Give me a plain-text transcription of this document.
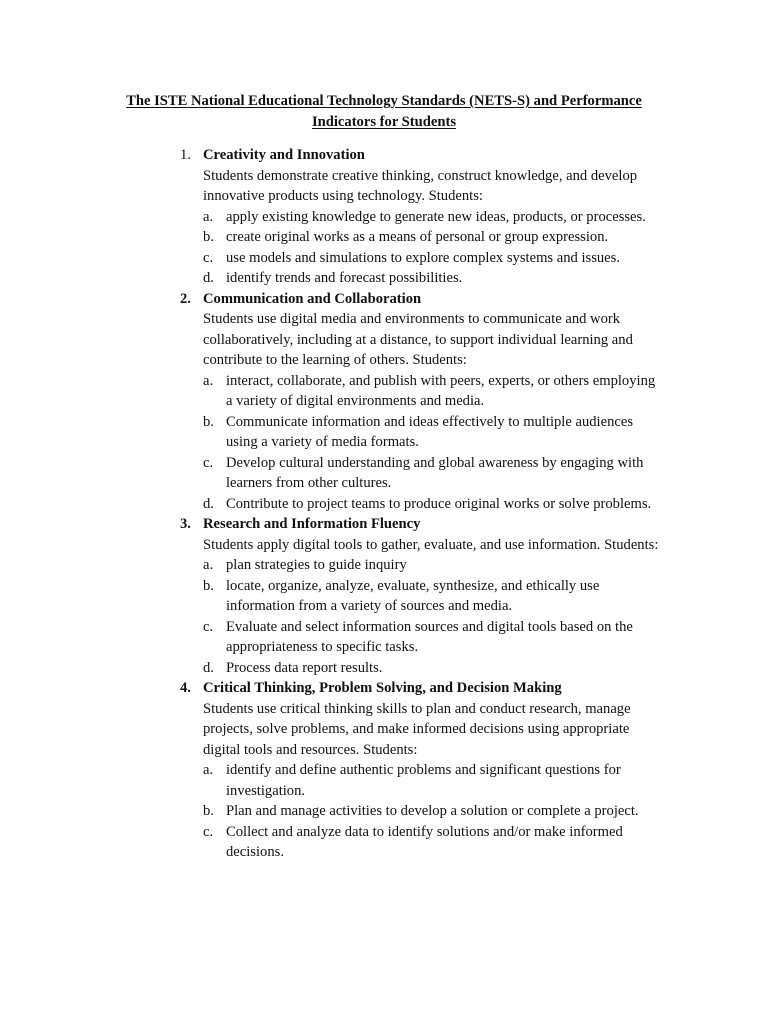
The ISTE National Educational Technology Standards (NETS-S) and Performance Indicators for Students
1. Creativity and Innovation
Students demonstrate creative thinking, construct knowledge, and develop innovative products using technology. Students:
a. apply existing knowledge to generate new ideas, products, or processes.
b. create original works as a means of personal or group expression.
c. use models and simulations to explore complex systems and issues.
d. identify trends and forecast possibilities.
2. Communication and Collaboration
Students use digital media and environments to communicate and work collaboratively, including at a distance, to support individual learning and contribute to the learning of others. Students:
a. interact, collaborate, and publish with peers, experts, or others employing a variety of digital environments and media.
b. Communicate information and ideas effectively to multiple audiences using a variety of media formats.
c. Develop cultural understanding and global awareness by engaging with learners from other cultures.
d. Contribute to project teams to produce original works or solve problems.
3. Research and Information Fluency
Students apply digital tools to gather, evaluate, and use information. Students:
a. plan strategies to guide inquiry
b. locate, organize, analyze, evaluate, synthesize, and ethically use information from a variety of sources and media.
c. Evaluate and select information sources and digital tools based on the appropriateness to specific tasks.
d. Process data report results.
4. Critical Thinking, Problem Solving, and Decision Making
Students use critical thinking skills to plan and conduct research, manage projects, solve problems, and make informed decisions using appropriate digital tools and resources. Students:
a. identify and define authentic problems and significant questions for investigation.
b. Plan and manage activities to develop a solution or complete a project.
c. Collect and analyze data to identify solutions and/or make informed decisions.
